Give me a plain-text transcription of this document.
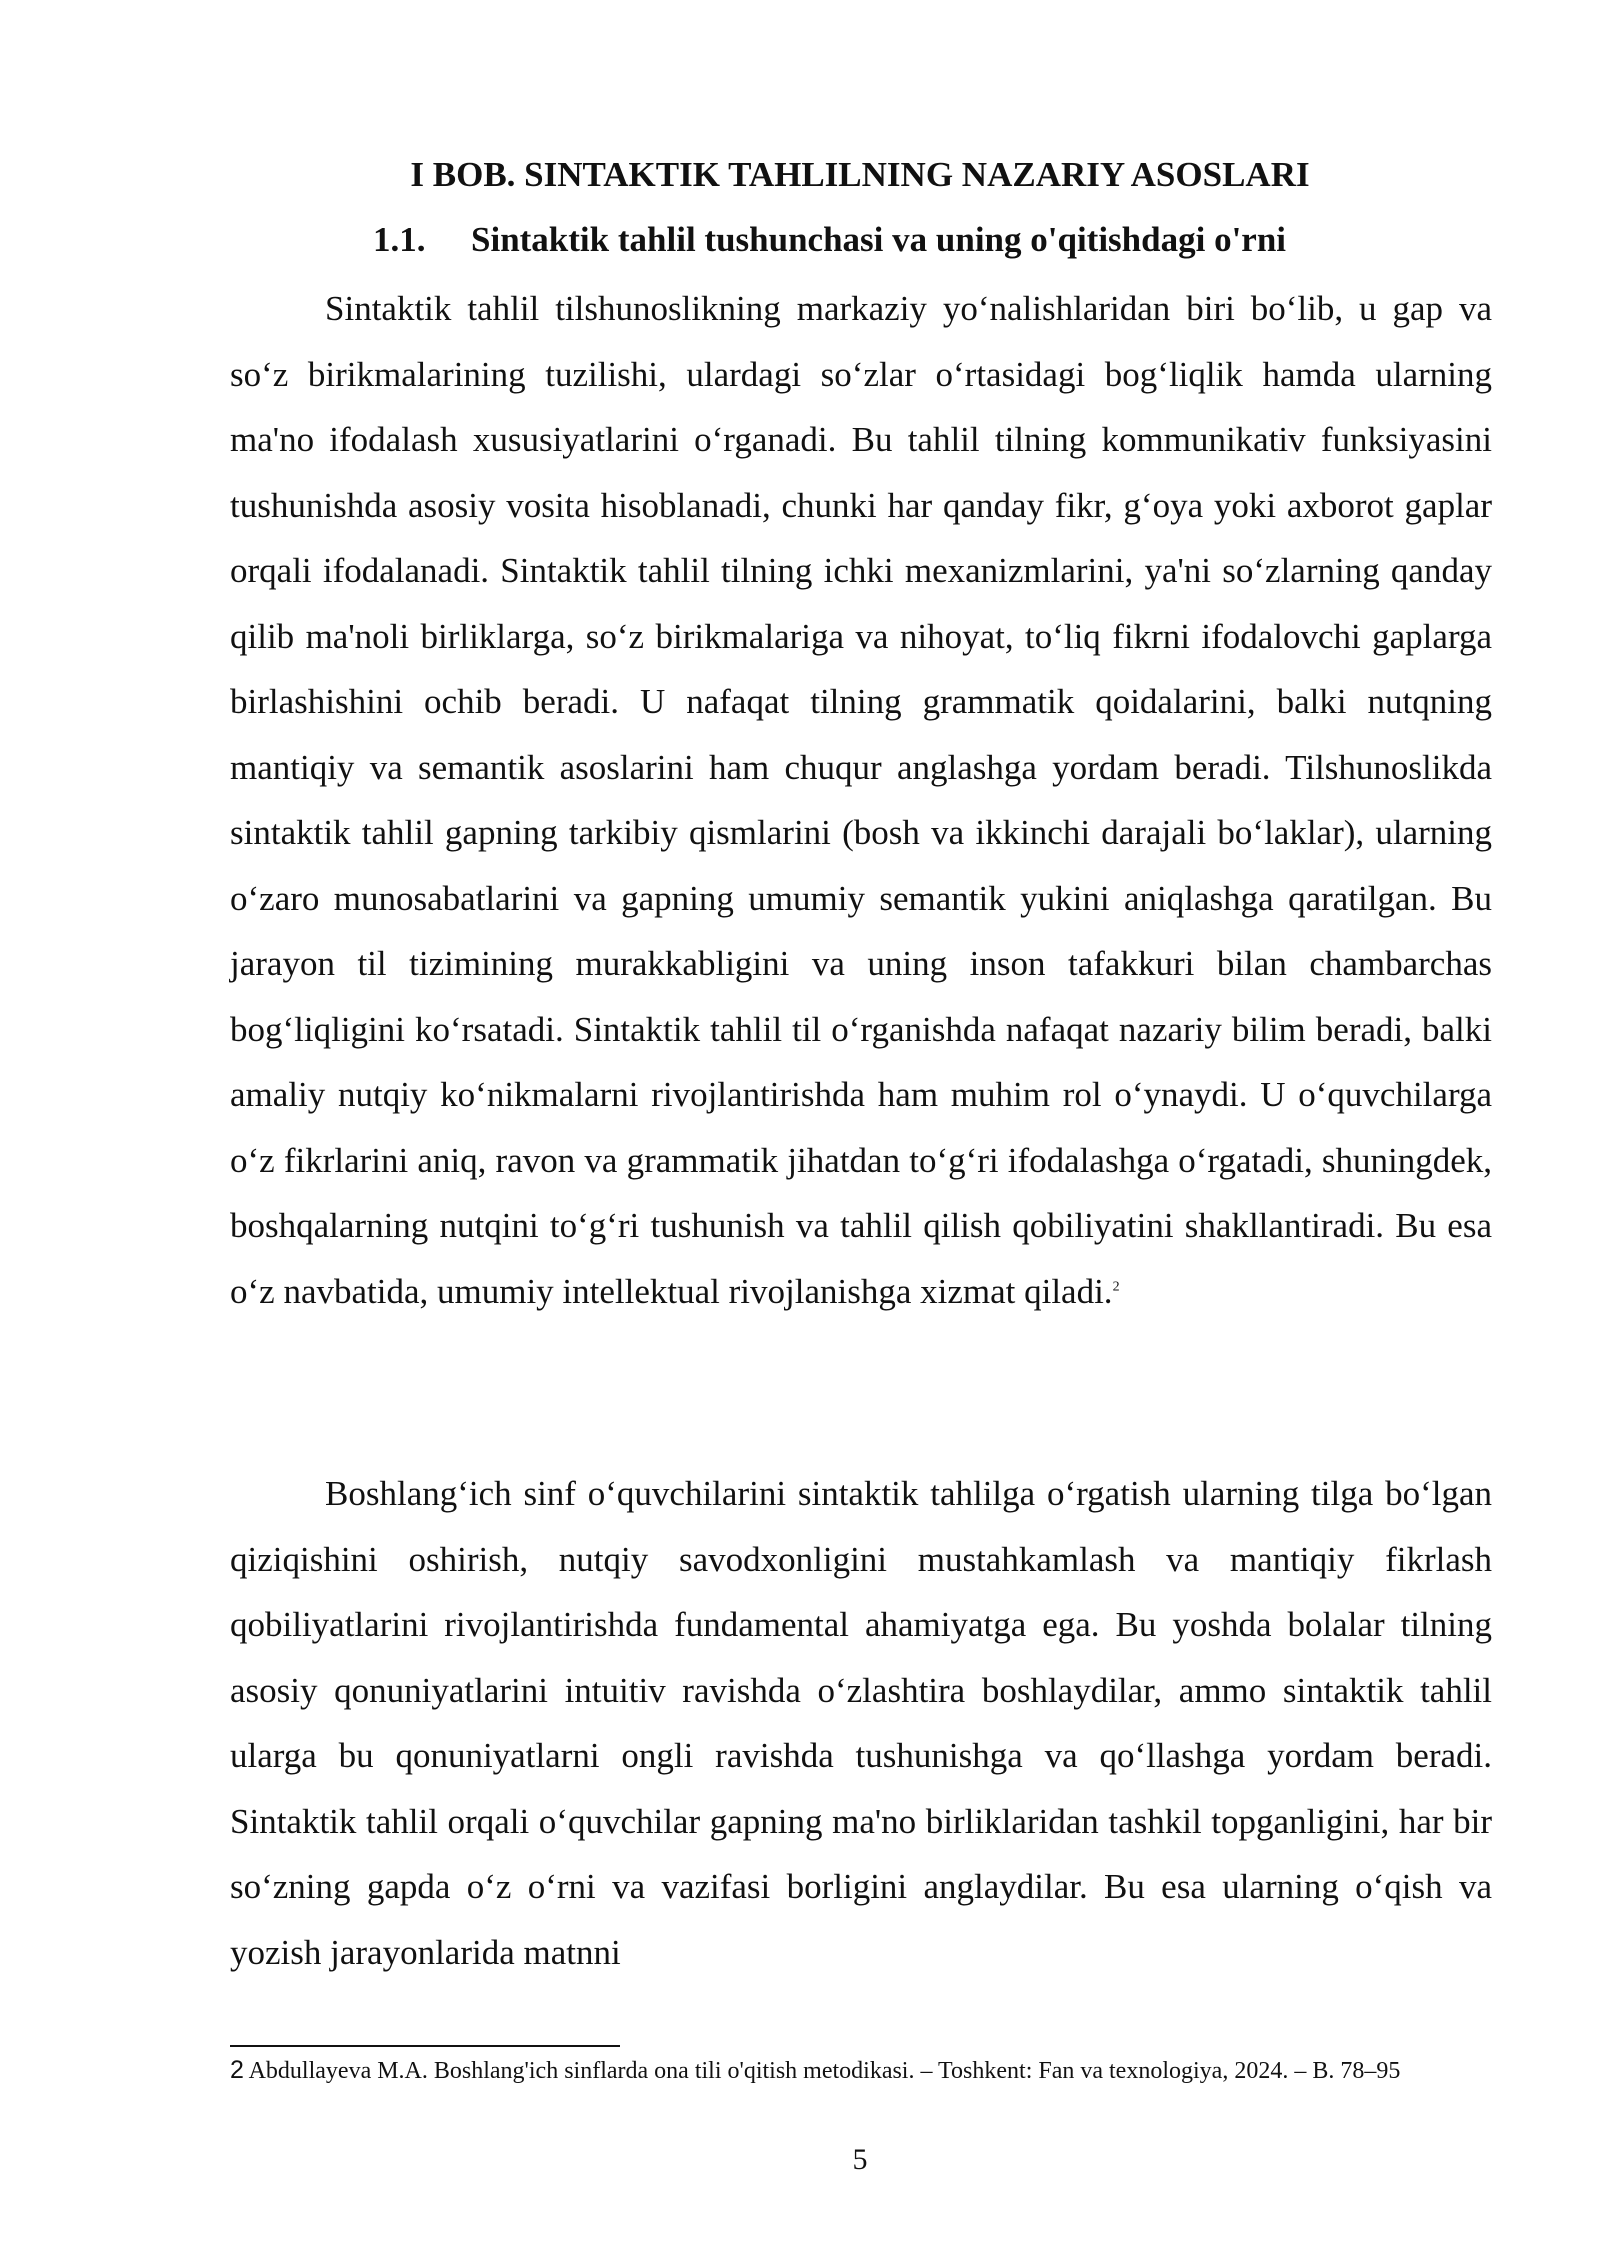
I BOB. SINTAKTIK TAHLILNING NAZARIY ASOSLARI
1.1. Sintaktik tahlil tushunchasi va uning o'qitishdagi o'rni

Sintaktik tahlil tilshunoslikning markaziy yo‘nalishlaridan biri bo‘lib, u gap va so‘z birikmalarining tuzilishi, ulardagi so‘zlar o‘rtasidagi bog‘liqlik hamda ularning ma'no ifodalash xususiyatlarini o‘rganadi. Bu tahlil tilning kommunikativ funksiyasini tushunishda asosiy vosita hisoblanadi, chunki har qanday fikr, g‘oya yoki axborot gaplar orqali ifodalanadi. Sintaktik tahlil tilning ichki mexanizmlarini, ya'ni so‘zlarning qanday qilib ma'noli birliklarga, so‘z birikmalariga va nihoyat, to‘liq fikrni ifodalovchi gaplarga birlashishini ochib beradi. U nafaqat tilning grammatik qoidalarini, balki nutqning mantiqiy va semantik asoslarini ham chuqur anglashga yordam beradi. Tilshunoslikda sintaktik tahlil gapning tarkibiy qismlarini (bosh va ikkinchi darajali bo‘laklar), ularning o‘zaro munosabatlarini va gapning umumiy semantik yukini aniqlashga qaratilgan. Bu jarayon til tizimining murakkabligini va uning inson tafakkuri bilan chambarchas bog‘liqligini ko‘rsatadi. Sintaktik tahlil til o‘rganishda nafaqat nazariy bilim beradi, balki amaliy nutqiy ko‘nikmalarni rivojlantirishda ham muhim rol o‘ynaydi. U o‘quvchilarga o‘z fikrlarini aniq, ravon va grammatik jihatdan to‘g‘ri ifodalashga o‘rgatadi, shuningdek, boshqalarning nutqini to‘g‘ri tushunish va tahlil qilish qobiliyatini shakllantiradi. Bu esa o‘z navbatida, umumiy intellektual rivojlanishga xizmat qiladi.$^2$

Boshlang‘ich sinf o‘quvchilarini sintaktik tahlilga o‘rgatish ularning tilga bo‘lgan qiziqishini oshirish, nutqiy savodxonligini mustahkamlash va mantiqiy fikrlash qobiliyatlarini rivojlantirishda fundamental ahamiyatga ega. Bu yoshda bolalar tilning asosiy qonuniyatlarini intuitiv ravishda o‘zlashtira boshlaydilar, ammo sintaktik tahlil ularga bu qonuniyatlarni ongli ravishda tushunishga va qo‘llashga yordam beradi. Sintaktik tahlil orqali o‘quvchilar gapning ma'no birliklaridan tashkil topganligini, har bir so‘zning gapda o‘z o‘rni va vazifasi borligini anglaydilar. Bu esa ularning o‘qish va yozish jarayonlarida matnni

2 Abdullayeva M.A. Boshlang'ich sinflarda ona tili o'qitish metodikasi. – Toshkent: Fan va texnologiya, 2024. – B. 78–95

5
